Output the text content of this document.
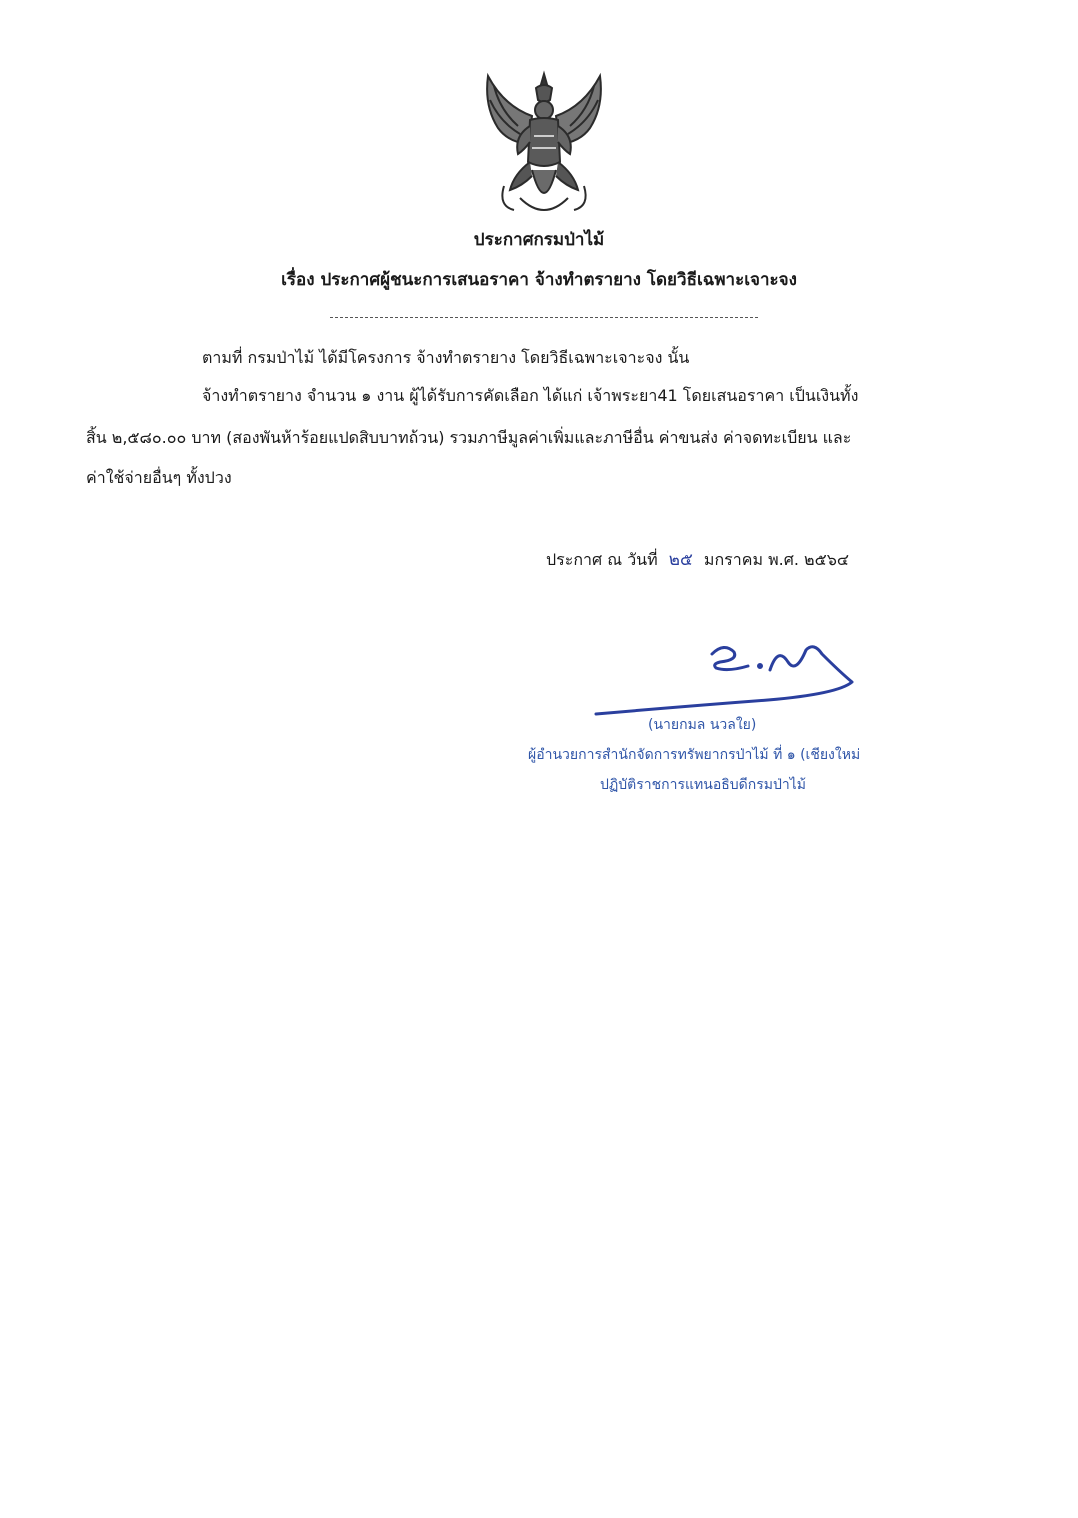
ประกาศกรมป่าไม้
เรื่อง ประกาศผู้ชนะการเสนอราคา จ้างทำตรายาง โดยวิธีเฉพาะเจาะจง
ตามที่ กรมป่าไม้ ได้มีโครงการ จ้างทำตรายาง โดยวิธีเฉพาะเจาะจง นั้น
จ้างทำตรายาง จำนวน ๑ งาน ผู้ได้รับการคัดเลือก ได้แก่ เจ้าพระยา41 โดยเสนอราคา เป็นเงินทั้ง
สิ้น ๒,๕๘๐.๐๐ บาท (สองพันห้าร้อยแปดสิบบาทถ้วน) รวมภาษีมูลค่าเพิ่มและภาษีอื่น ค่าขนส่ง ค่าจดทะเบียน และ
ค่าใช้จ่ายอื่นๆ ทั้งปวง
ประกาศ ณ วันที่ ๒๕ มกราคม พ.ศ. ๒๕๖๔
(นายกมล นวลใย)
ผู้อำนวยการสำนักจัดการทรัพยากรป่าไม้ ที่ ๑ (เชียงใหม่
ปฏิบัติราชการแทนอธิบดีกรมป่าไม้
